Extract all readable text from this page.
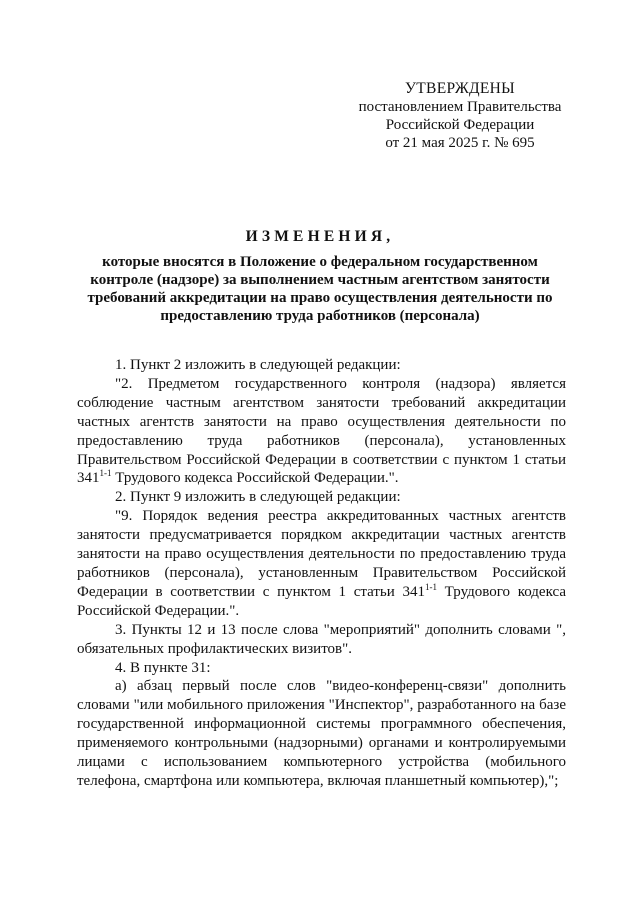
УТВЕРЖДЕНЫ
постановлением Правительства
Российской Федерации
от 21 мая 2025 г. № 695
ИЗМЕНЕНИЯ,
которые вносятся в Положение о федеральном государственном контроле (надзоре) за выполнением частным агентством занятости требований аккредитации на право осуществления деятельности по предоставлению труда работников (персонала)

1. Пункт 2 изложить в следующей редакции:

"2. Предметом государственного контроля (надзора) является соблюдение частным агентством занятости требований аккредитации частных агентств занятости на право осуществления деятельности по предоставлению труда работников (персонала), установленных Правительством Российской Федерации в соответствии с пунктом 1 статьи 341$^{1-1}$ Трудового кодекса Российской Федерации.".

2. Пункт 9 изложить в следующей редакции:

"9. Порядок ведения реестра аккредитованных частных агентств занятости предусматривается порядком аккредитации частных агентств занятости на право осуществления деятельности по предоставлению труда работников (персонала), установленным Правительством Российской Федерации в соответствии с пунктом 1 статьи 341$^{1-1}$ Трудового кодекса Российской Федерации.".

3. Пункты 12 и 13 после слова "мероприятий" дополнить словами ", обязательных профилактических визитов".

4. В пункте 31:

а) абзац первый после слов "видео-конференц-связи" дополнить словами "или мобильного приложения "Инспектор", разработанного на базе государственной информационной системы программного обеспечения, применяемого контрольными (надзорными) органами и контролируемыми лицами с использованием компьютерного устройства (мобильного телефона, смартфона или компьютера, включая планшетный компьютер),";
